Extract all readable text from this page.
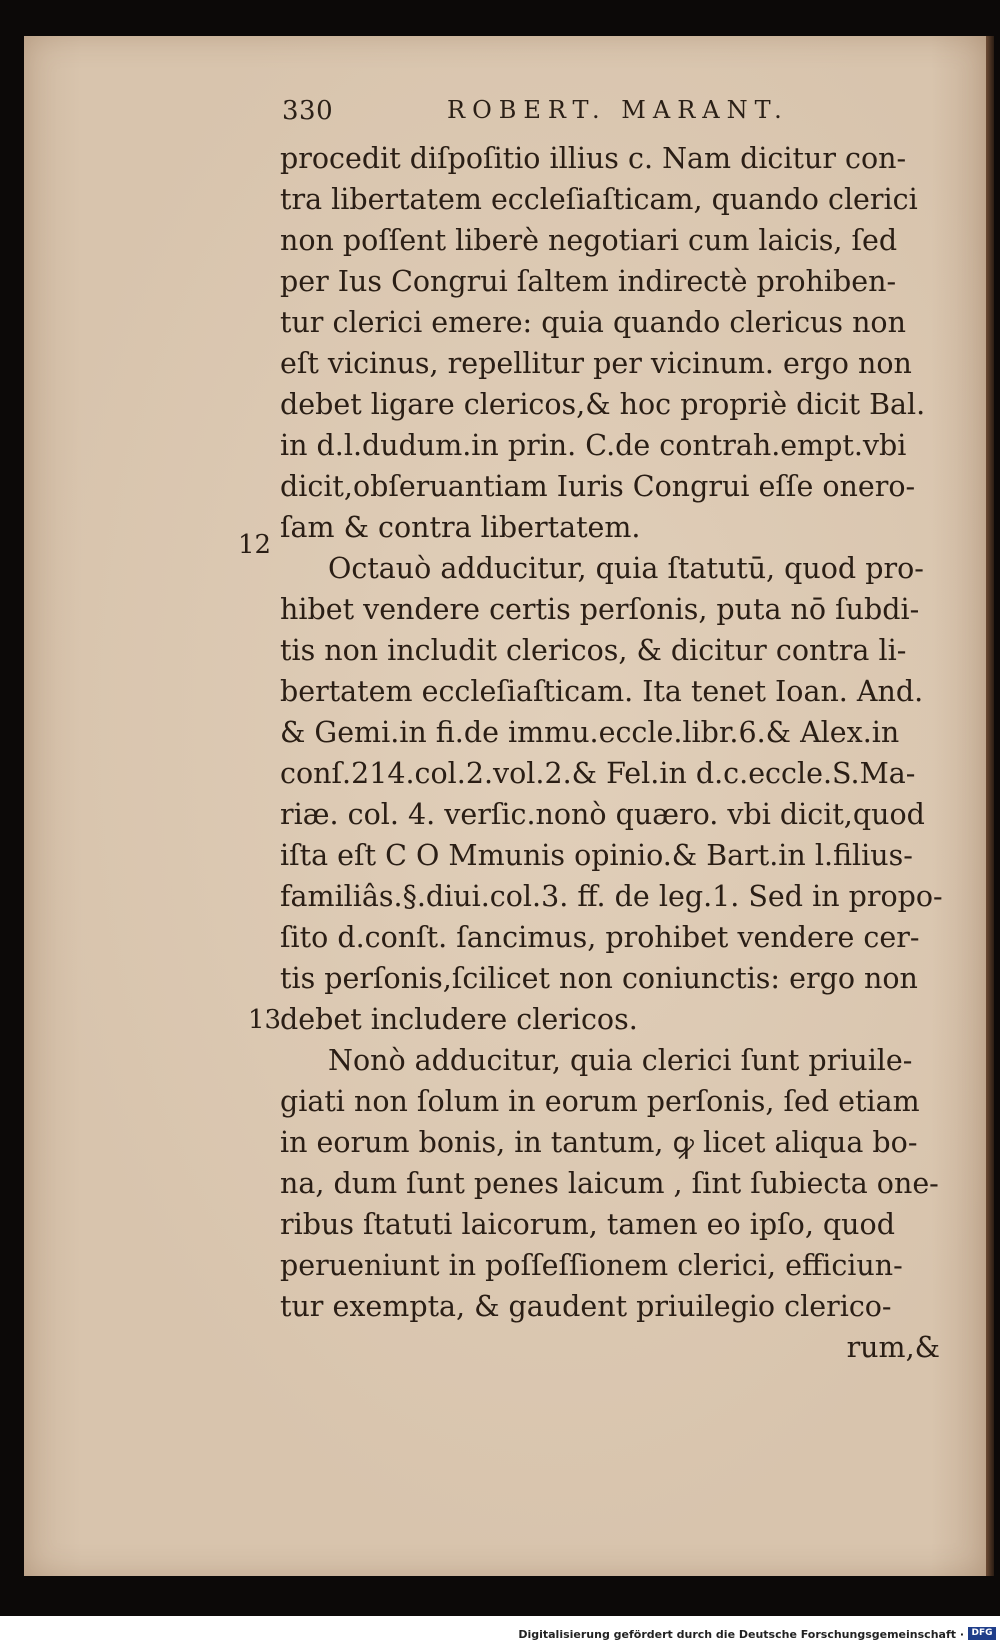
330	ROBERT. MARANT.
12
13
procedit diſpoſitio illius c. Nam dicitur con-
tra libertatem eccleſiaſticam, quando clerici
non poſſent liberè negotiari cum laicis, ſed
per Ius Congrui ſaltem indirectè prohiben-
tur clerici emere: quia quando clericus non
eſt vicinus, repellitur per vicinum. ergo non
debet ligare clericos,& hoc propriè dicit Bal.
in d.l.dudum.in prin. C.de contrah.empt.vbi
dicit,obſeruantiam Iuris Congrui eſſe onero-
ſam & contra libertatem.
Octauò adducitur, quia ſtatutū, quod pro-
hibet vendere certis perſonis, puta nō ſubdi-
tis non includit clericos, & dicitur contra li-
bertatem eccleſiaſticam. Ita tenet Ioan. And.
& Gemi.in fi.de immu.eccle.libr.6.& Alex.in
conſ.214.col.2.vol.2.& Fel.in d.c.eccle.S.Ma-
riæ. col. 4. verſic.nonò quæro. vbi dicit,quod
iſta eſt C O Mmunis opinio.& Bart.in l.filius-
familiâs.§.diui.col.3. ff. de leg.1. Sed in propo-
ſito d.conſt. ſancimus, prohibet vendere cer-
tis perſonis,ſcilicet non coniunctis: ergo non
debet includere clericos.
Nonò adducitur, quia clerici ſunt priuile-
giati non ſolum in eorum perſonis, ſed etiam
in eorum bonis, in tantum, ꝙ licet aliqua bo-
na, dum ſunt penes laicum , ſint ſubiecta one-
ribus ſtatuti laicorum, tamen eo ipſo, quod
perueniunt in poſſeſſionem clerici, efficiun-
tur exempta, & gaudent priuilegio clerico-
rum,&
Digitalisierung gefördert durch die Deutsche Forschungsgemeinschaft · DFG
